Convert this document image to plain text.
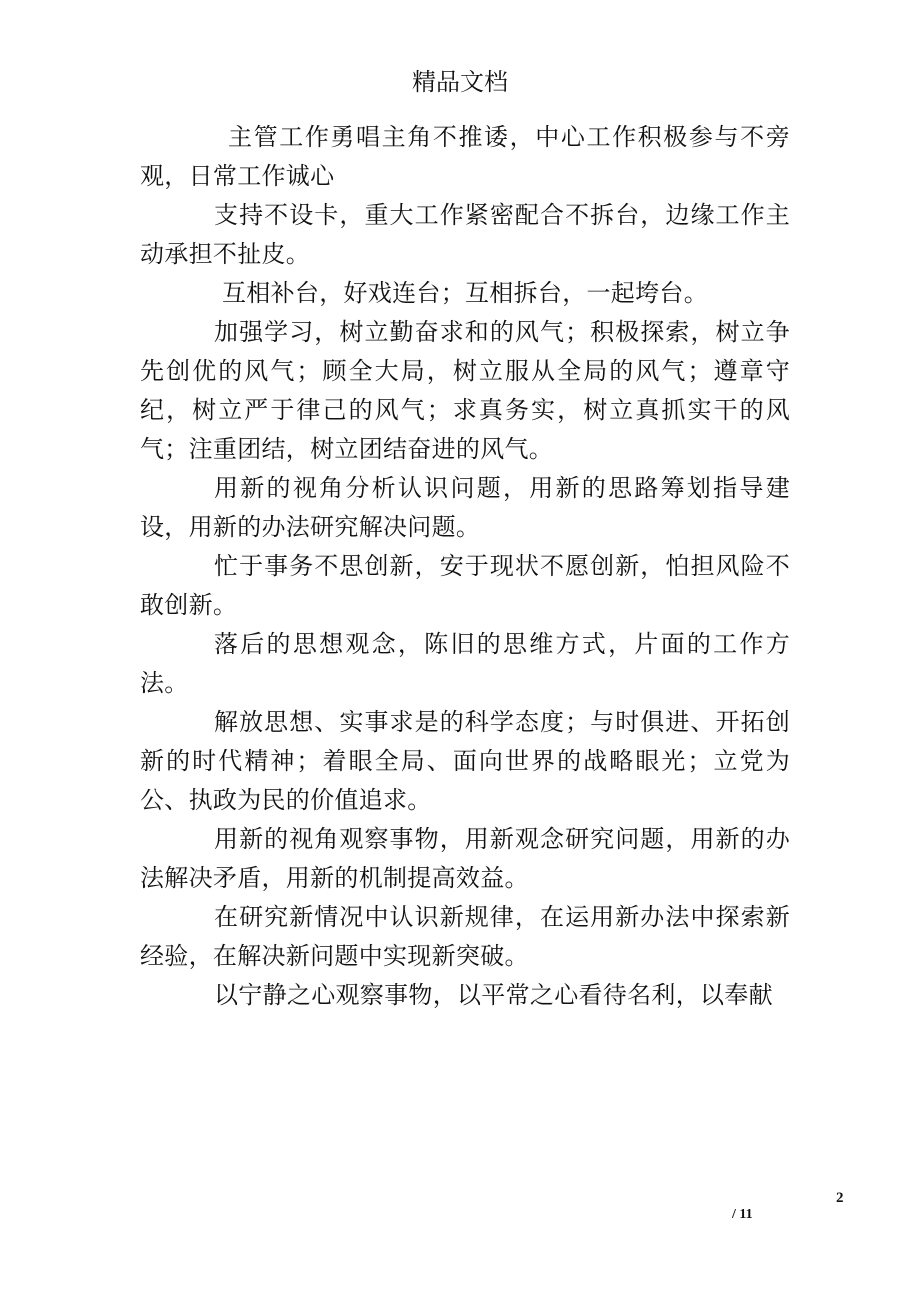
精品文档

主管工作勇唱主角不推诿，中心工作积极参与不旁观，日常工作诚心

支持不设卡，重大工作紧密配合不拆台，边缘工作主动承担不扯皮。

互相补台，好戏连台；互相拆台，一起垮台。

加强学习，树立勤奋求和的风气；积极探索，树立争先创优的风气；顾全大局，树立服从全局的风气；遵章守纪，树立严于律己的风气；求真务实，树立真抓实干的风气；注重团结，树立团结奋进的风气。

用新的视角分析认识问题，用新的思路筹划指导建设，用新的办法研究解决问题。

忙于事务不思创新，安于现状不愿创新，怕担风险不敢创新。

落后的思想观念，陈旧的思维方式，片面的工作方法。

解放思想、实事求是的科学态度；与时俱进、开拓创新的时代精神；着眼全局、面向世界的战略眼光；立党为公、执政为民的价值追求。

用新的视角观察事物，用新观念研究问题，用新的办法解决矛盾，用新的机制提高效益。

在研究新情况中认识新规律，在运用新办法中探索新经验，在解决新问题中实现新突破。

以宁静之心观察事物，以平常之心看待名利，以奉献

2
/ 11
